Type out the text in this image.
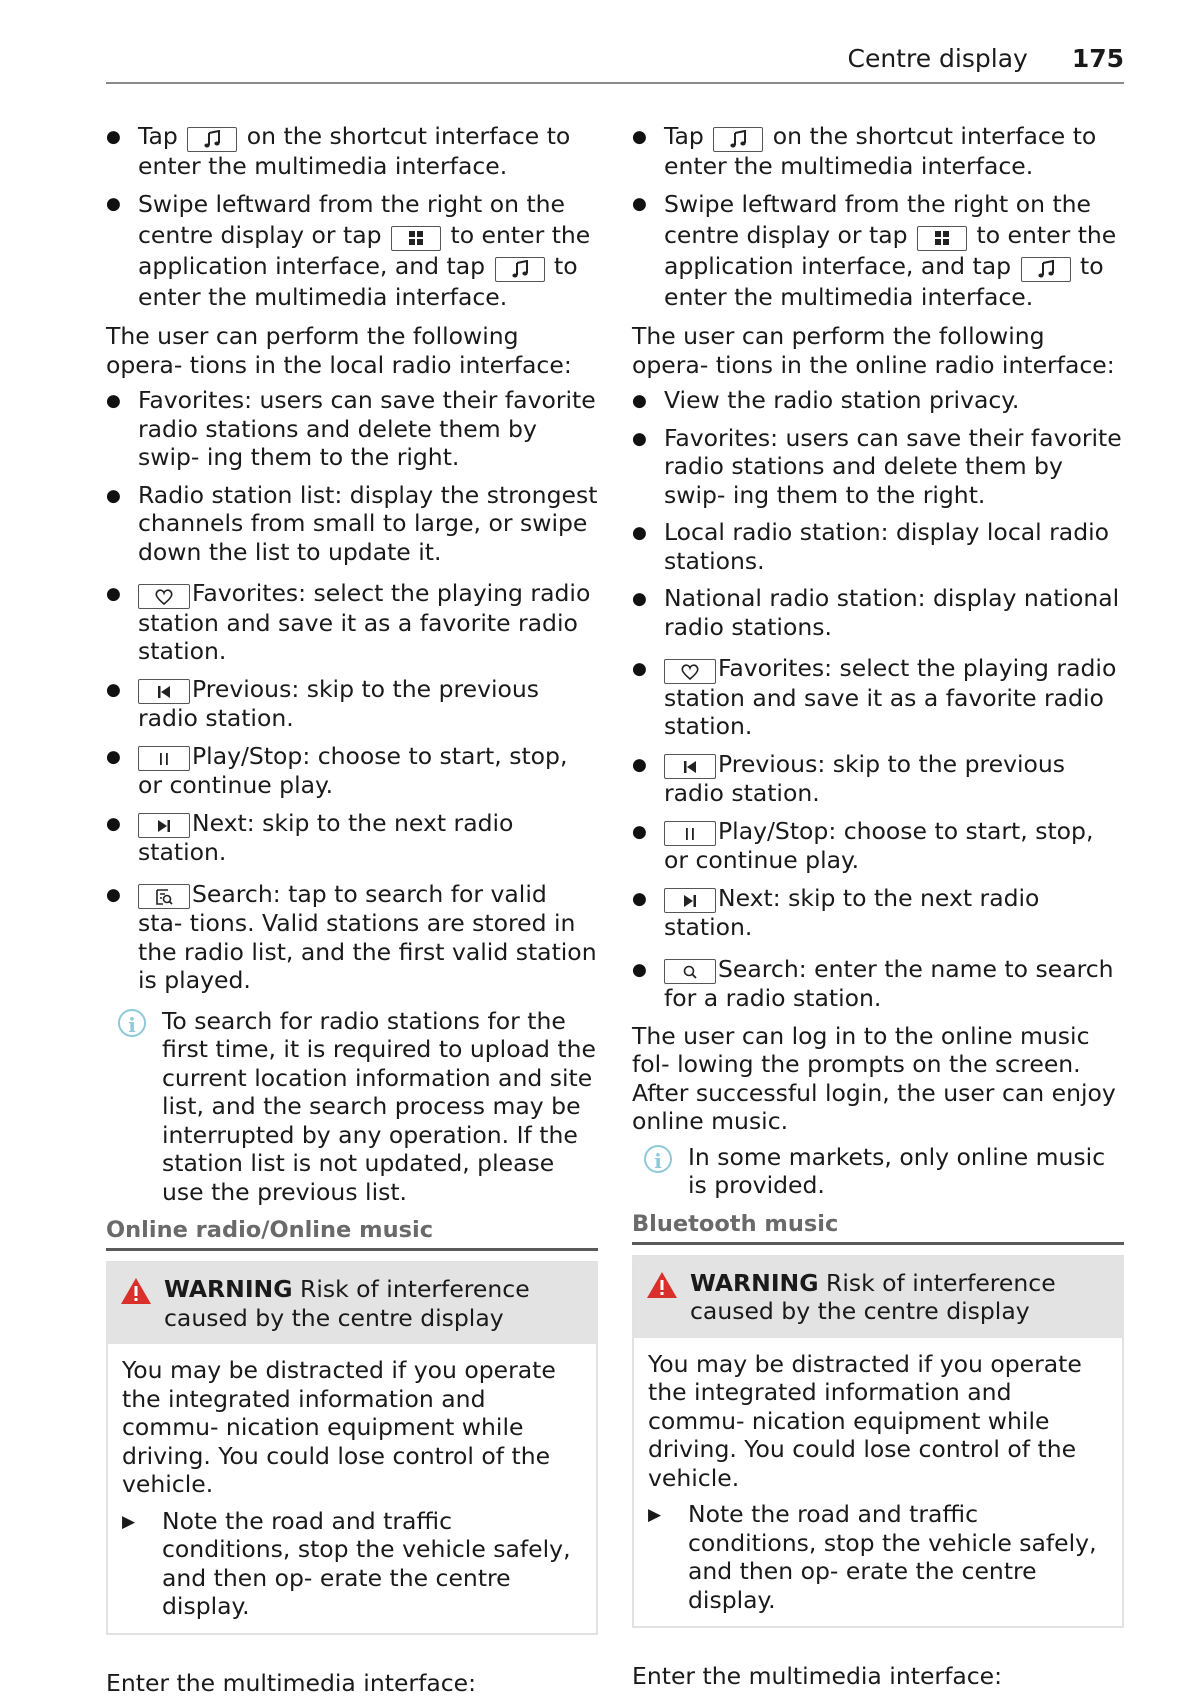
Centre display 175
● Tap	on the shortcut interface to enter the multimedia interface.
● Swipe leftward from the right on the centre display or tap	to enter the application interface, and tap	to enter the multimedia interface.
The user can perform the following opera- tions in the local radio interface:
● Favorites: users can save their favorite radio stations and delete them by swip- ing them to the right.
● Radio station list: display the strongest channels from small to large, or swipe down the list to update it.
● Favorites: select the playing radio station and save it as a favorite radio station.
● Previous: skip to the previous radio station.
● Play/Stop: choose to start, stop, or continue play.
● Next: skip to the next radio station.
● Search: tap to search for valid sta- tions. Valid stations are stored in the radio list, and the first valid station is played.
i	To search for radio stations for the first time, it is required to upload the current location information and site list, and the search process may be interrupted by any operation. If the station list is not updated, please use the previous list.
Online radio/Online music
WARNING Risk of interference caused by the centre display
You may be distracted if you operate the integrated information and commu- nication equipment while driving. You could lose control of the vehicle.
▶ Note the road and traffic conditions, stop the vehicle safely, and then op- erate the centre display.
Enter the multimedia interface:
● Tap	on the shortcut interface to enter the multimedia interface.
● Swipe leftward from the right on the centre display or tap	to enter the application interface, and tap	to enter the multimedia interface.
The user can perform the following opera- tions in the online radio interface:
● View the radio station privacy.
● Favorites: users can save their favorite radio stations and delete them by swip- ing them to the right.
● Local radio station: display local radio stations.
● National radio station: display national radio stations.
● Favorites: select the playing radio station and save it as a favorite radio station.
● Previous: skip to the previous radio station.
● Play/Stop: choose to start, stop, or continue play.
● Next: skip to the next radio station.
● Search: enter the name to search for a radio station.
The user can log in to the online music fol- lowing the prompts on the screen. After successful login, the user can enjoy online music.
i	In some markets, only online music is provided.
Bluetooth music
WARNING Risk of interference caused by the centre display
You may be distracted if you operate the integrated information and commu- nication equipment while driving. You could lose control of the vehicle.
▶ Note the road and traffic conditions, stop the vehicle safely, and then op- erate the centre display.
Enter the multimedia interface:
